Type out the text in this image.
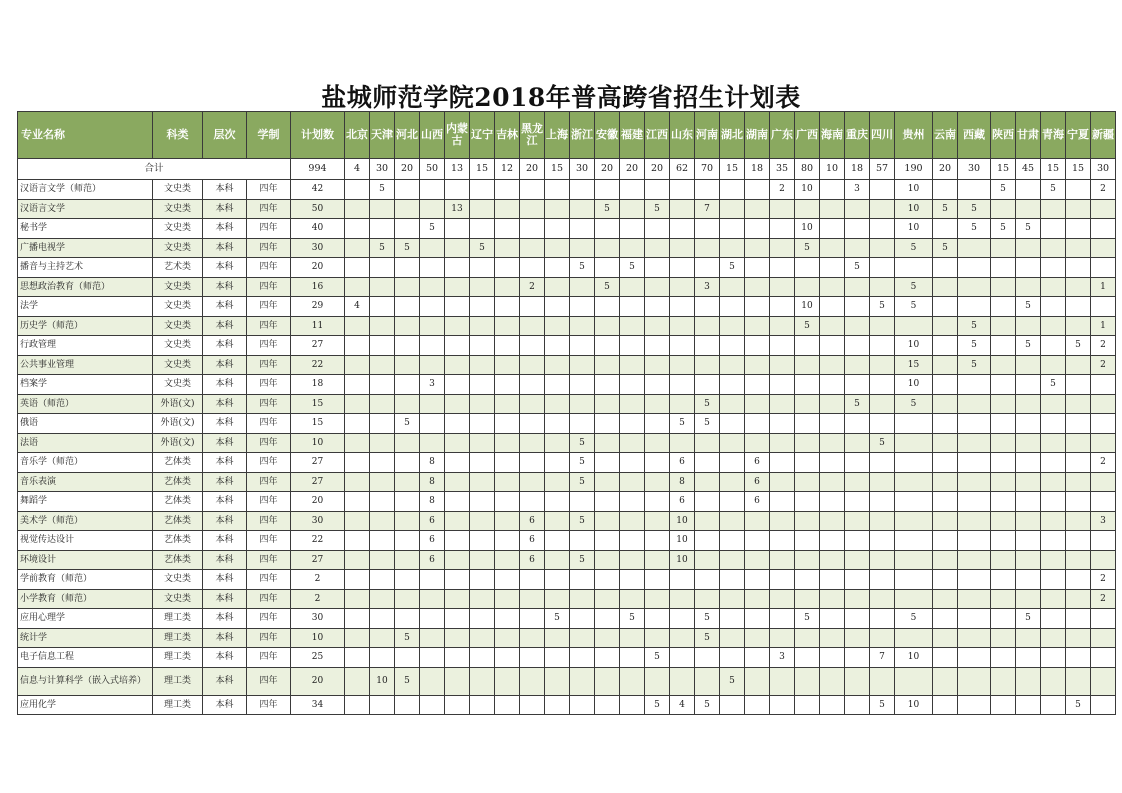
盐城师范学院2018年普高跨省招生计划表
专业名称	科类	层次	学制	计划数	北京	天津	河北	山西	内蒙古	辽宁	吉林	黑龙江	上海	浙江	安徽	福建	江西	山东	河南	湖北	湖南	广东	广西	海南	重庆	四川	贵州	云南	西藏	陕西	甘肃	青海	宁夏	新疆
合计				994	4	30	20	50	13	15	12	20	15	30	20	20	20	62	70	15	18	35	80	10	18	57	190	20	30	15	45	15	15	30
汉语言文学（师范）	文史类	本科	四年	42		5																2	10		3		10			5		5		2
汉语言文学	文史类	本科	四年	50					13						5		5		7								10	5	5					
秘书学	文史类	本科	四年	40				5															10				10		5	5	5			
广播电视学	文史类	本科	四年	30		5	5			5													5				5	5						
播音与主持艺术	艺术类	本科	四年	20										5		5				5					5									
思想政治教育（师范）	文史类	本科	四年	16								2			5				3								5							1
法学	文史类	本科	四年	29	4																		10			5	5				5			
历史学（师范）	文史类	本科	四年	11																			5						5					1
行政管理	文史类	本科	四年	27																							10		5		5		5	2
公共事业管理	文史类	本科	四年	22																							15		5					2
档案学	文史类	本科	四年	18				3																			10					5		
英语（师范）	外语(文)	本科	四年	15															5						5		5							
俄语	外语(文)	本科	四年	15			5											5	5															
法语	外语(文)	本科	四年	10										5												5								
音乐学（师范）	艺体类	本科	四年	27				8						5				6			6													2
音乐表演	艺体类	本科	四年	27				8						5				8			6													
舞蹈学	艺体类	本科	四年	20				8										6			6													
美术学（师范）	艺体类	本科	四年	30				6				6		5				10																3
视觉传达设计	艺体类	本科	四年	22				6				6						10																
环境设计	艺体类	本科	四年	27				6				6		5				10																
学前教育（师范）	文史类	本科	四年	2																														2
小学教育（师范）	文史类	本科	四年	2																														2
应用心理学	理工类	本科	四年	30									5			5			5				5				5				5			
统计学	理工类	本科	四年	10			5												5															
电子信息工程	理工类	本科	四年	25													5					3				7	10							
信息与计算科学（嵌入式培养）	理工类	本科	四年	20		10	5													5														
应用化学	理工类	本科	四年	34													5	4	5							5	10						5	
